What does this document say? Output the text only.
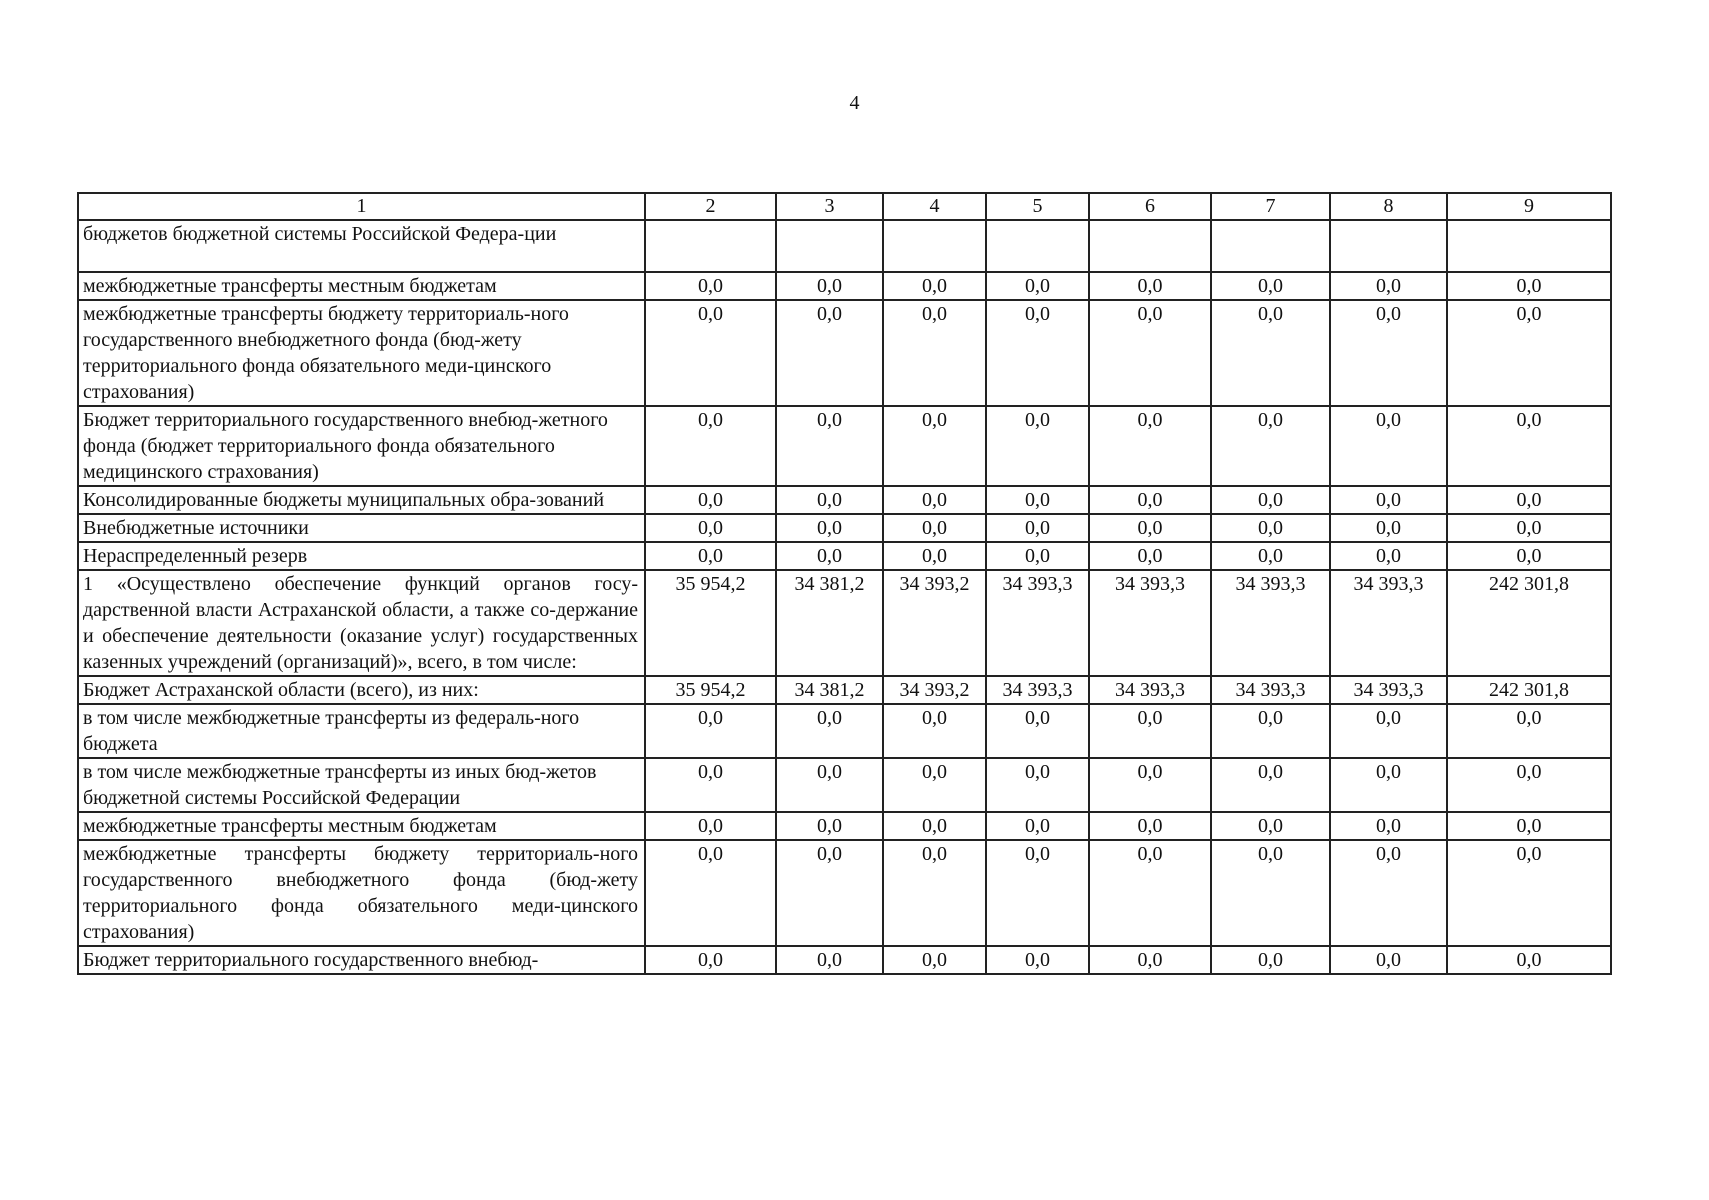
4
1	2	3	4	5	6	7	8	9
бюджетов бюджетной системы Российской Федера-ции								
межбюджетные трансферты местным бюджетам	0,0	0,0	0,0	0,0	0,0	0,0	0,0	0,0
межбюджетные трансферты бюджету территориаль-ного государственного внебюджетного фонда (бюд-жету территориального фонда обязательного меди-цинского страхования)	0,0	0,0	0,0	0,0	0,0	0,0	0,0	0,0
Бюджет территориального государственного внебюд-жетного фонда (бюджет территориального фонда обязательного медицинского страхования)	0,0	0,0	0,0	0,0	0,0	0,0	0,0	0,0
Консолидированные бюджеты муниципальных обра-зований	0,0	0,0	0,0	0,0	0,0	0,0	0,0	0,0
Внебюджетные источники	0,0	0,0	0,0	0,0	0,0	0,0	0,0	0,0
Нераспределенный резерв	0,0	0,0	0,0	0,0	0,0	0,0	0,0	0,0
1 «Осуществлено обеспечение функций органов госу-дарственной власти Астраханской области, а также со-держание и обеспечение деятельности (оказание услуг) государственных казенных учреждений (организаций)», всего, в том числе:	35 954,2	34 381,2	34 393,2	34 393,3	34 393,3	34 393,3	34 393,3	242 301,8
Бюджет Астраханской области (всего), из них:	35 954,2	34 381,2	34 393,2	34 393,3	34 393,3	34 393,3	34 393,3	242 301,8
в том числе межбюджетные трансферты из федераль-ного бюджета	0,0	0,0	0,0	0,0	0,0	0,0	0,0	0,0
в том числе межбюджетные трансферты из иных бюд-жетов бюджетной системы Российской Федерации	0,0	0,0	0,0	0,0	0,0	0,0	0,0	0,0
межбюджетные трансферты местным бюджетам	0,0	0,0	0,0	0,0	0,0	0,0	0,0	0,0
межбюджетные трансферты бюджету территориаль-ного государственного внебюджетного фонда (бюд-жету территориального фонда обязательного меди-цинского страхования)	0,0	0,0	0,0	0,0	0,0	0,0	0,0	0,0
Бюджет территориального государственного внебюд-	0,0	0,0	0,0	0,0	0,0	0,0	0,0	0,0
